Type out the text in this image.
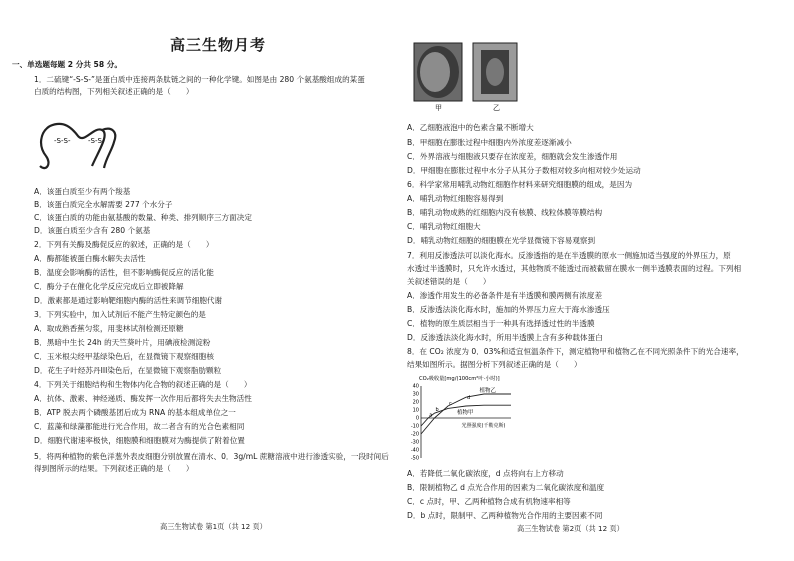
高三生物月考
一、单选题每题 2 分共 58 分。
1．二硫键“-S-S-”是蛋白质中连接两条肽链之间的一种化学键。如图是由 280 个氨基酸组成的某蛋
白质的结构图，下列相关叙述正确的是（　　）
-S-S-	-S-S-
A．该蛋白质至少有两个羧基
B．该蛋白质完全水解需要 277 个水分子
C．该蛋白质的功能由氨基酸的数量、种类、排列顺序三方面决定
D．该蛋白质至少含有 280 个氨基
2．下列有关酶及酶促反应的叙述，正确的是（　　）
A．酶都能被蛋白酶水解失去活性
B．温度会影响酶的活性，但不影响酶促反应的活化能
C．酶分子在催化化学反应完成后立即被降解
D．激素都是通过影响靶细胞内酶的活性来调节细胞代谢
3．下列实验中，加入试剂后不能产生特定颜色的是
A．取成熟香蕉匀浆，用斐林试剂检测还原糖
B．黑暗中生长 24h 的天竺葵叶片，用碘液检测淀粉
C．玉米根尖经甲基绿染色后，在显微镜下观察细胞核
D．花生子叶经苏丹III染色后，在显微镜下观察脂肪颗粒
4．下列关于细胞结构和生物体内化合物的叙述正确的是（　　）
A．抗体、激素、神经递质、酶发挥一次作用后都将失去生物活性
B．ATP 脱去两个磷酸基团后成为 RNA 的基本组成单位之一
C．蓝藻和绿藻都能进行光合作用，故二者含有的光合色素相同
D．细胞代谢速率极快，细胞膜和细胞膜对为酶提供了附着位置
5．将两种植物的紫色洋葱外表皮细胞分别放置在清水、0．3g/mL 蔗糖溶液中进行渗透实验，一段时间后
得到图所示的结果。下列叙述正确的是（　　）
高三生物试卷 第1页（共 12 页）
甲	乙
A．乙细胞液泡中的色素含量不断增大
B．甲细胞在膨胀过程中细胞内外浓度差逐渐减小
C．外界溶液与细胞液只要存在浓度差，细胞就会发生渗透作用
D．甲细胞在膨胀过程中水分子从其分子数相对较多向相对较少处运动
6．科学家常用哺乳动物红细胞作材料来研究细胞膜的组成，是因为
A．哺乳动物红细胞容易得到
B．哺乳动物成熟的红细胞内没有核膜、线粒体膜等膜结构
C．哺乳动物红细胞大
D．哺乳动物红细胞的细胞膜在光学显微镜下容易观察到
7．利用反渗透法可以淡化海水。反渗透指的是在半透膜的原水一侧施加适当强度的外界压力，原
水透过半透膜时，只允许水透过，其他物质不能透过而被截留在膜水一侧半透膜表面的过程。下列相
关叙述错误的是（　　）
A．渗透作用发生的必备条件是有半透膜和膜两侧有浓度差
B．反渗透法淡化海水时，施加的外界压力应大于海水渗透压
C．植物的原生质层相当于一种具有选择透过性的半透膜
D．反渗透法淡化海水时，所用半透膜上含有多种载体蛋白
8．在 CO₂ 浓度为 0．03%和适宜恒温条件下，测定植物甲和植物乙在不同光照条件下的光合速率，
结果如图所示。据图分析下列叙述正确的是（　　）
CO₂吸收量[mg/(100cm²叶·小时)]
40
30
20
10
0
-10
-20
-30
-40
-50
植物甲
植物乙
a
b
c
d
光照强度(千勒克斯)
A．若降低二氧化碳浓度，d 点将向右上方移动
B．限制植物乙 d 点光合作用的因素为二氧化碳浓度和温度
C．c 点时，甲、乙两种植物合成有机物速率相等
D．b 点时，限制甲、乙两种植物光合作用的主要因素不同
高三生物试卷 第2页（共 12 页）
